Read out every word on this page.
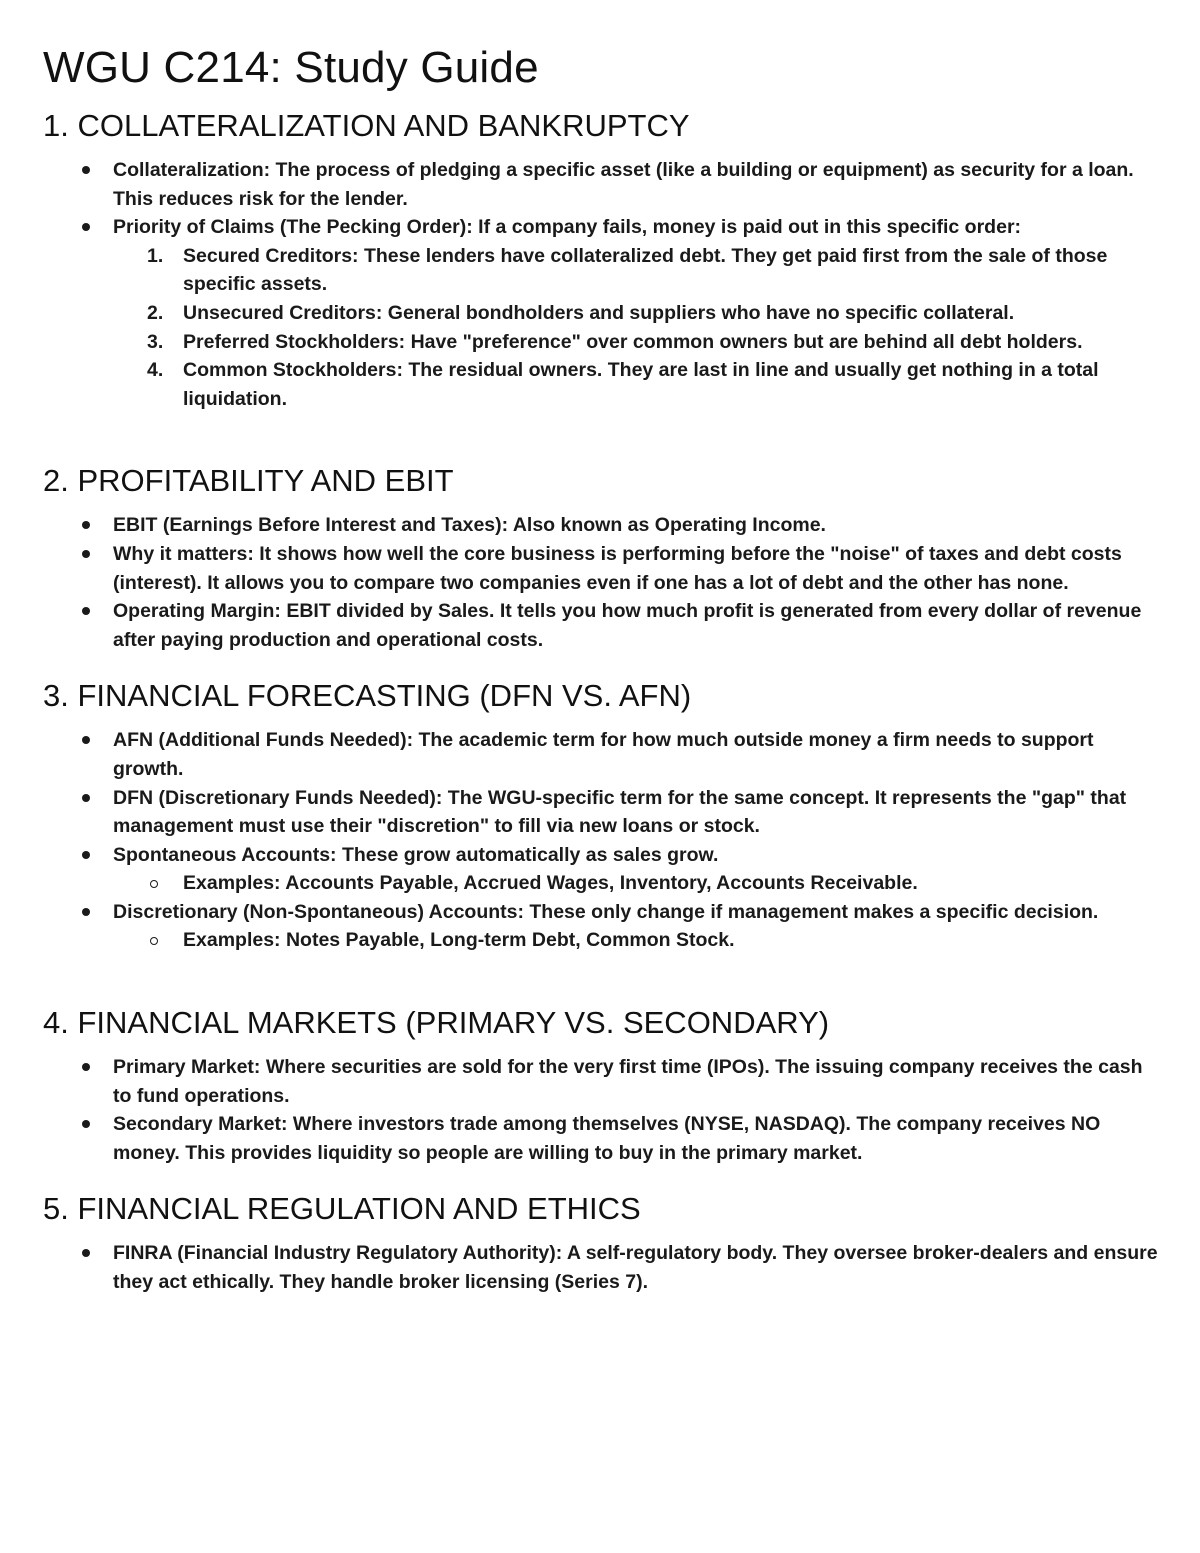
WGU C214: Study Guide
1. COLLATERALIZATION AND BANKRUPTCY
Collateralization: The process of pledging a specific asset (like a building or equipment) as security for a loan. This reduces risk for the lender.
Priority of Claims (The Pecking Order): If a company fails, money is paid out in this specific order:
1. Secured Creditors: These lenders have collateralized debt. They get paid first from the sale of those specific assets.
2. Unsecured Creditors: General bondholders and suppliers who have no specific collateral.
3. Preferred Stockholders: Have "preference" over common owners but are behind all debt holders.
4. Common Stockholders: The residual owners. They are last in line and usually get nothing in a total liquidation.
2. PROFITABILITY AND EBIT
EBIT (Earnings Before Interest and Taxes): Also known as Operating Income.
Why it matters: It shows how well the core business is performing before the "noise" of taxes and debt costs (interest). It allows you to compare two companies even if one has a lot of debt and the other has none.
Operating Margin: EBIT divided by Sales. It tells you how much profit is generated from every dollar of revenue after paying production and operational costs.
3. FINANCIAL FORECASTING (DFN VS. AFN)
AFN (Additional Funds Needed): The academic term for how much outside money a firm needs to support growth.
DFN (Discretionary Funds Needed): The WGU-specific term for the same concept. It represents the "gap" that management must use their "discretion" to fill via new loans or stock.
Spontaneous Accounts: These grow automatically as sales grow.
Examples: Accounts Payable, Accrued Wages, Inventory, Accounts Receivable.
Discretionary (Non-Spontaneous) Accounts: These only change if management makes a specific decision.
Examples: Notes Payable, Long-term Debt, Common Stock.
4. FINANCIAL MARKETS (PRIMARY VS. SECONDARY)
Primary Market: Where securities are sold for the very first time (IPOs). The issuing company receives the cash to fund operations.
Secondary Market: Where investors trade among themselves (NYSE, NASDAQ). The company receives NO money. This provides liquidity so people are willing to buy in the primary market.
5. FINANCIAL REGULATION AND ETHICS
FINRA (Financial Industry Regulatory Authority): A self-regulatory body. They oversee broker-dealers and ensure they act ethically. They handle broker licensing (Series 7).
